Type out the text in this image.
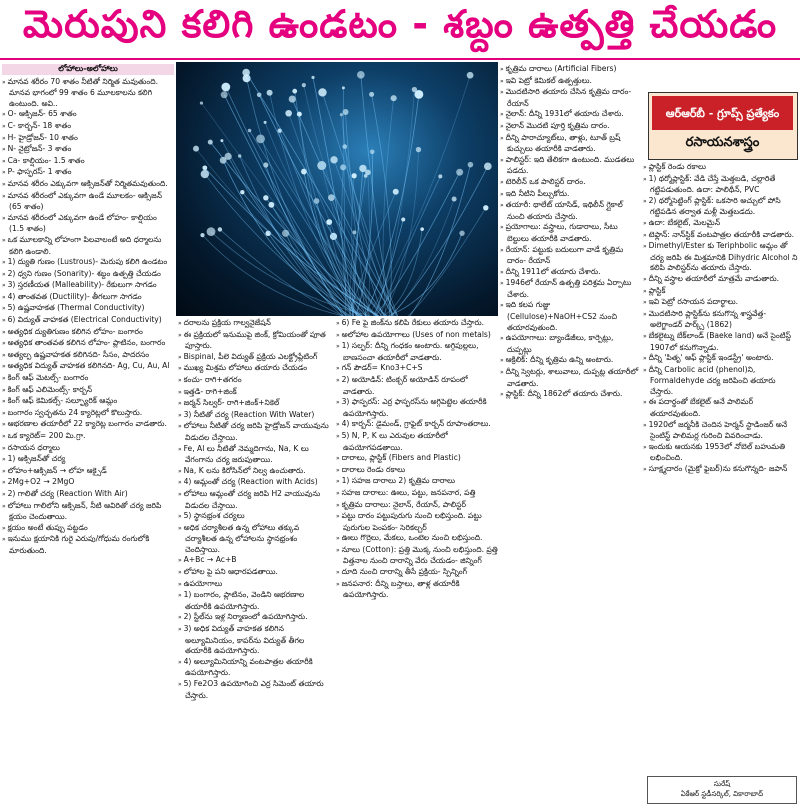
మెరుపుని కలిగి ఉండటం - శబ్దం ఉత్పత్తి చేయడం
లోహాలు-అలోహాలు
» మానవ శరీరం 70 శాతం నీటితో నిర్మిత మవుతుంది. మానవ భాగంలో 99 శాతం 6 మూలకాలను కలిగి ఉంటుంది. అవి..
» O- ఆక్సిజన్- 65 శాతం
» C- కార్బన్- 18 శాతం
» H- హైడ్రోజన్- 10 శాతం
» N- నైట్రోజన్- 3 శాతం
» Ca- కాల్షియం- 1.5 శాతం
» P- ఫాస్ఫరస్- 1 శాతం
» మానవ శరీరం ఎక్కువగా ఆక్సిజన్‌తో నిర్మితమవుతుంది.
» మానవ శరీరంలో ఎక్కువగా ఉండే మూలకం- ఆక్సిజన్ (65 శాతం)
» మానవ శరీరంలో ఎక్కువగా ఉండే లోహం- కాల్షియం (1.5 శాతం)
» ఒక మూలకాన్ని లోహంగా పిలవాలంటే అది ధర్మాలను కలిగి ఉండాలి.
» 1) ద్యుతి గుణం (Lustrous)- మెరుపు కలిగి ఉండటం
» 2) ధ్వని గుణం (Sonarity)- శబ్దం ఉత్పత్తి చేయడం
» 3) స్తరణీయత (Malleability)- రేకులుగా సాగడం
» 4) తాంతవత (Ductility)- తీగలుగా సాగడం
» 5) ఉష్ణవాహకత (Thermal Conductivity)
» 6) విద్యుత్ వాహకత (Electrical Conductivity)
» అత్యధిక ద్యుతిగుణం కలిగిన లోహం- బంగారం
» అత్యధిక తాంతవత కలిగిన లోహం- ప్లాటినం, బంగారం
» అత్యల్ప ఉష్ణవాహకత కలిగినది- సీసం, పాదరసం
» అత్యధిక విద్యుత్ వాహకత కలిగినది- Ag, Cu, Au, Al
» కింగ్ ఆఫ్ మెటల్స్- బంగారం
» కింగ్ ఆఫ్ ఎలిమెంట్స్- కార్బన్
» కింగ్ ఆఫ్ కెమికల్స్- సల్ఫ్యూరిక్ ఆమ్లం
» బంగారం స్వచ్ఛతను 24 క్యారెట్లలో కొలుస్తారు.
» ఆభరణాల తయారీలో 22 క్యారెట్ల బంగారం వాడతారు.
» ఒక క్యారెట్= 200 మి.గ్రా.
» రసాయన ధర్మాలు
» 1) ఆక్సిజన్‌తో చర్య
» లోహం+ఆక్సిజన్ → లోహ ఆక్సైడ్
» 2Mg+O2 → 2MgO
» 2) గాలితో చర్య (Reaction With Air)
» లోహాలు గాలిలోని ఆక్సిజన్, నీటి ఆవిరితో చర్య జరిపి క్షయం చెందుతాయి.
» క్షయం అంటే తుప్పు పట్టడం
» ఇనుము క్షయానికి గురై ఎరుపు/గోధుమ రంగులోకి మారుతుంది.
» దరాలను ప్రక్రియ గాల్వనైజేషన్
» ఈ ప్రక్రియలో ఇనుముపై జింక్, క్రోమియంతో పూత పూస్తారు.
» Bispinal, పీలె విద్యుత్ ప్రక్రియ ఎలక్ట్రోప్లేటింగ్
» ముఖ్య మిశ్రమ లోహాలు తయారు చేయడం
» కంచు- రాగి+తగరం
» ఇత్తడి- రాగి+జింక్
» జర్మన్ సిల్వర్- రాగి+జింక్+నికెల్
» 3) నీటితో చర్య (Reaction With Water)
» లోహాలు నీటితో చర్య జరిపి హైడ్రోజన్ వాయువును విడుదల చేస్తాయి.
» Fe, Al లు నీటితో నెమ్మదిగాను, Na, K లు వేగంగాను చర్య జరుపుతాయి.
» Na, K లను కిరోసిన్‌లో నిల్వ ఉంచుతారు.
» 4) ఆమ్లంతో చర్య (Reaction with Acids)
» లోహాలు ఆమ్లంతో చర్య జరిపి H2 వాయువును విడుదల చేస్తాయి.
» 5) స్థానభ్రంశ చర్యలు
» అధిక చర్యాశీలత ఉన్న లోహాలు తక్కువ చర్యాశీలత ఉన్న లోహాలను స్థానభ్రంశం చెందిస్తాయి.
» A+Bc → Ac+B
» లోహాల పై పని ఆధారపడతాయి.
» ఉపయోగాలు
» 1) బంగారం, ప్లాటినం, వెండిని ఆభరణాల తయారీకి ఉపయోగిస్తారు.
» 2) స్టీల్‌ను ఇళ్ల నిర్మాణంలో ఉపయోగిస్తారు.
» 3) అధిక విద్యుత్ వాహకత కలిగిన అల్యూమినియం, కాపర్‌ను విద్యుత్ తీగల తయారీకి ఉపయోగిస్తారు.
» 4) అల్యూమినియాన్ని వంటపాత్రల తయారీకి ఉపయోగిస్తారు.
» 5) Fe2O3 ఉపయోగించి ఎర్ర సిమెంట్ తయారు చేస్తారు.
» 6) Fe పై జింక్‌ను కలిపి రేకులు తయారు చేస్తారు.
» అలోహాల ఉపయోగాలు (Uses of non metals)
» 1) సల్ఫర్: దీన్ని గంధకం అంటారు. అగ్గిపుల్లలు, బాణసంచా తయారీలో వాడతారు.
» గన్ పౌడర్= Kno3+C+S
» 2) అయోడిన్: టింక్చర్ అయోడిన్ రూపంలో వాడతారు.
» 3) ఫాస్ఫరస్: ఎర్ర ఫాస్ఫరస్‌ను అగ్గిపెట్టెల తయారీకి ఉపయోగిస్తారు.
» 4) కార్బన్: డైమండ్, గ్రాఫైట్ కార్బన్ రూపాంతరాలు.
» 5) N, P, K లు ఎరువుల తయారీలో ఉపయోగపడతాయి.
» దారాలు, ప్లాస్టిక్ (Fibers and Plastic)
» దారాలు రెండు రకాలు
» 1) సహజ దారాలు 2) కృత్రిమ దారాలు
» సహజ దారాలు: ఊలు, పట్టు, జనపనార, పత్తి
» కృత్రిమ దారాలు: నైలాన్, రేయాన్, పాలిస్టర్
» పట్టు దారం పట్టుపురుగు నుంచి లభిస్తుంది. పట్టు పురుగుల పెంపకం- సెరికల్చర్
» ఊలు గొర్రెలు, మేకలు, ఒంటెల నుంచి లభిస్తుంది.
» నూలు (Cotton): ప్రత్తి మొక్క నుంచి లభిస్తుంది. ప్రత్తి విత్తనాల నుంచి దారాన్ని వేరు చేయడం- జిన్నింగ్
» దూది నుంచి దారాన్ని తీసే ప్రక్రియ- స్పిన్నింగ్
» జనపనార: దీన్ని బస్తాలు, తాళ్ల తయారీకి ఉపయోగిస్తారు.
» కృత్రిమ దారాలు (Artificial Fibers)
» ఇవి పెట్రో కెమికల్ ఉత్పత్తులు.
» మొదటిసారి తయారు చేసిన కృత్రిమ దారం- రేయాన్
» నైలాన్: దీన్ని 1931లో తయారు చేశారు.
» నైలాన్ మొదటి పూర్తి కృత్రిమ దారం.
» దీన్ని పారాచ్యూట్‌లు, తాళ్లు, టూత్ బ్రష్ కుచ్చులు తయారీకి వాడతారు.
» పాలిస్టర్: ఇది తేలికగా ఉంటుంది. ముడతలు పడదు.
» టెరిలీన్ ఒక పాలిస్టర్ దారం.
» ఇది నీటిని పీల్చుకోదు.
» తయారీ: థాలేట్ యాసిడ్, ఇథిలీన్ గ్లైకాల్ నుంచి తయారు చేస్తారు.
» ప్రయోగాలు: వస్త్రాలు, గుడారాలు, సీటు బెల్టులు తయారీకి వాడతారు.
» రేయాన్: పట్టుకు బదులుగా వాడే కృత్రిమ దారం- రేయాన్
» దీన్ని 1911లో తయారు చేశారు.
» 1946లో రేయాన్ ఉత్పత్తి పరిశ్రమ ఏర్పాటు చేశారు.
» ఇది కలప గుజ్జు (Cellulose)+NaOH+CS2 నుంచి తయారవుతుంది.
» ఉపయోగాలు: బ్యాండేజీలు, కార్పెట్లు, దుప్పట్లు
» ఆక్రిలిక్: దీన్ని కృత్రిమ ఉన్ని అంటారు.
» దీన్ని స్వెటర్లు, శాలువాలు, దుప్పట్ల తయారీలో వాడతారు.
» ప్లాస్టిక్: దీన్ని 1862లో తయారు చేశారు.
ఆర్‌ఆర్‌బీ - గ్రూప్స్ ప్రత్యేకం
రసాయనశాస్త్రం
» ప్లాస్టిక్ రెండు రకాలు
» 1) థర్మోప్లాస్టిక్: వేడి చేస్తే మెత్తబడి, చల్లారితే గట్టిపడుతుంది. ఉదా: పాలిథీన్, PVC
» 2) థర్మోసెట్టింగ్ ప్లాస్టిక్: ఒకసారి అచ్చులో పోసి గట్టిపడిన తర్వాత మళ్లీ మెత్తబడదు.
» ఉదా: బేకలైట్, మెలమైన్
» టెఫ్లాన్: నాన్‌స్టిక్ వంటపాత్రల తయారీకి వాడతారు.
» Dimethyl/Ester కు Teriphbolic ఆమ్లం తో చర్య జరిపి ఈ మిశ్రమానికి Dihydric Alcohol ని కలిపి పాలిస్టర్‌ను తయారు చేస్తారు.
» దీన్ని వస్త్రాల తయారీలో మాత్రమే వాడుతారు.
» ప్లాస్టిక్
» ఇవి పెట్రో రసాయన పదార్థాలు.
» మొదటిసారి ప్లాస్టిక్‌ను కనుగొన్న శాస్త్రవేత్త- అలెగ్జాండర్ పార్క్స్ (1862)
» బేకలైట్ను బేక్‌లాండ్ (Baeke land) అనే సైంటిస్ట్ 1907లో కనుగొన్నాడు.
» దీన్ని 'పితృ' ఆఫ్ ప్లాస్టిక్ ఇండస్ట్రీ' అంటారు.
» దీన్ని Carbolic acid (phenol)ని, Formaldehyde చర్య జరిపించి తయారు చేస్తారు.
» ఈ పదార్థంతో బేకలైట్ అనే పాలిమర్ తయారవుతుంది.
» 1920లో జర్మనీకి చెందిన హెర్మన్ స్టాడింజర్ అనే సైంటిస్ట్ పాలిమర్ల గురించి వివరించాడు.
» ఇందుకు ఆయనకు 1953లో నోబెల్ బహుమతి లభించింది.
» సూక్ష్మదారం (మైక్రో ఫైబర్)ను కనుగొన్నది- జపాన్
సురేష్
ఏకేఆర్ స్టడీసర్కిల్, వికారాబాద్
